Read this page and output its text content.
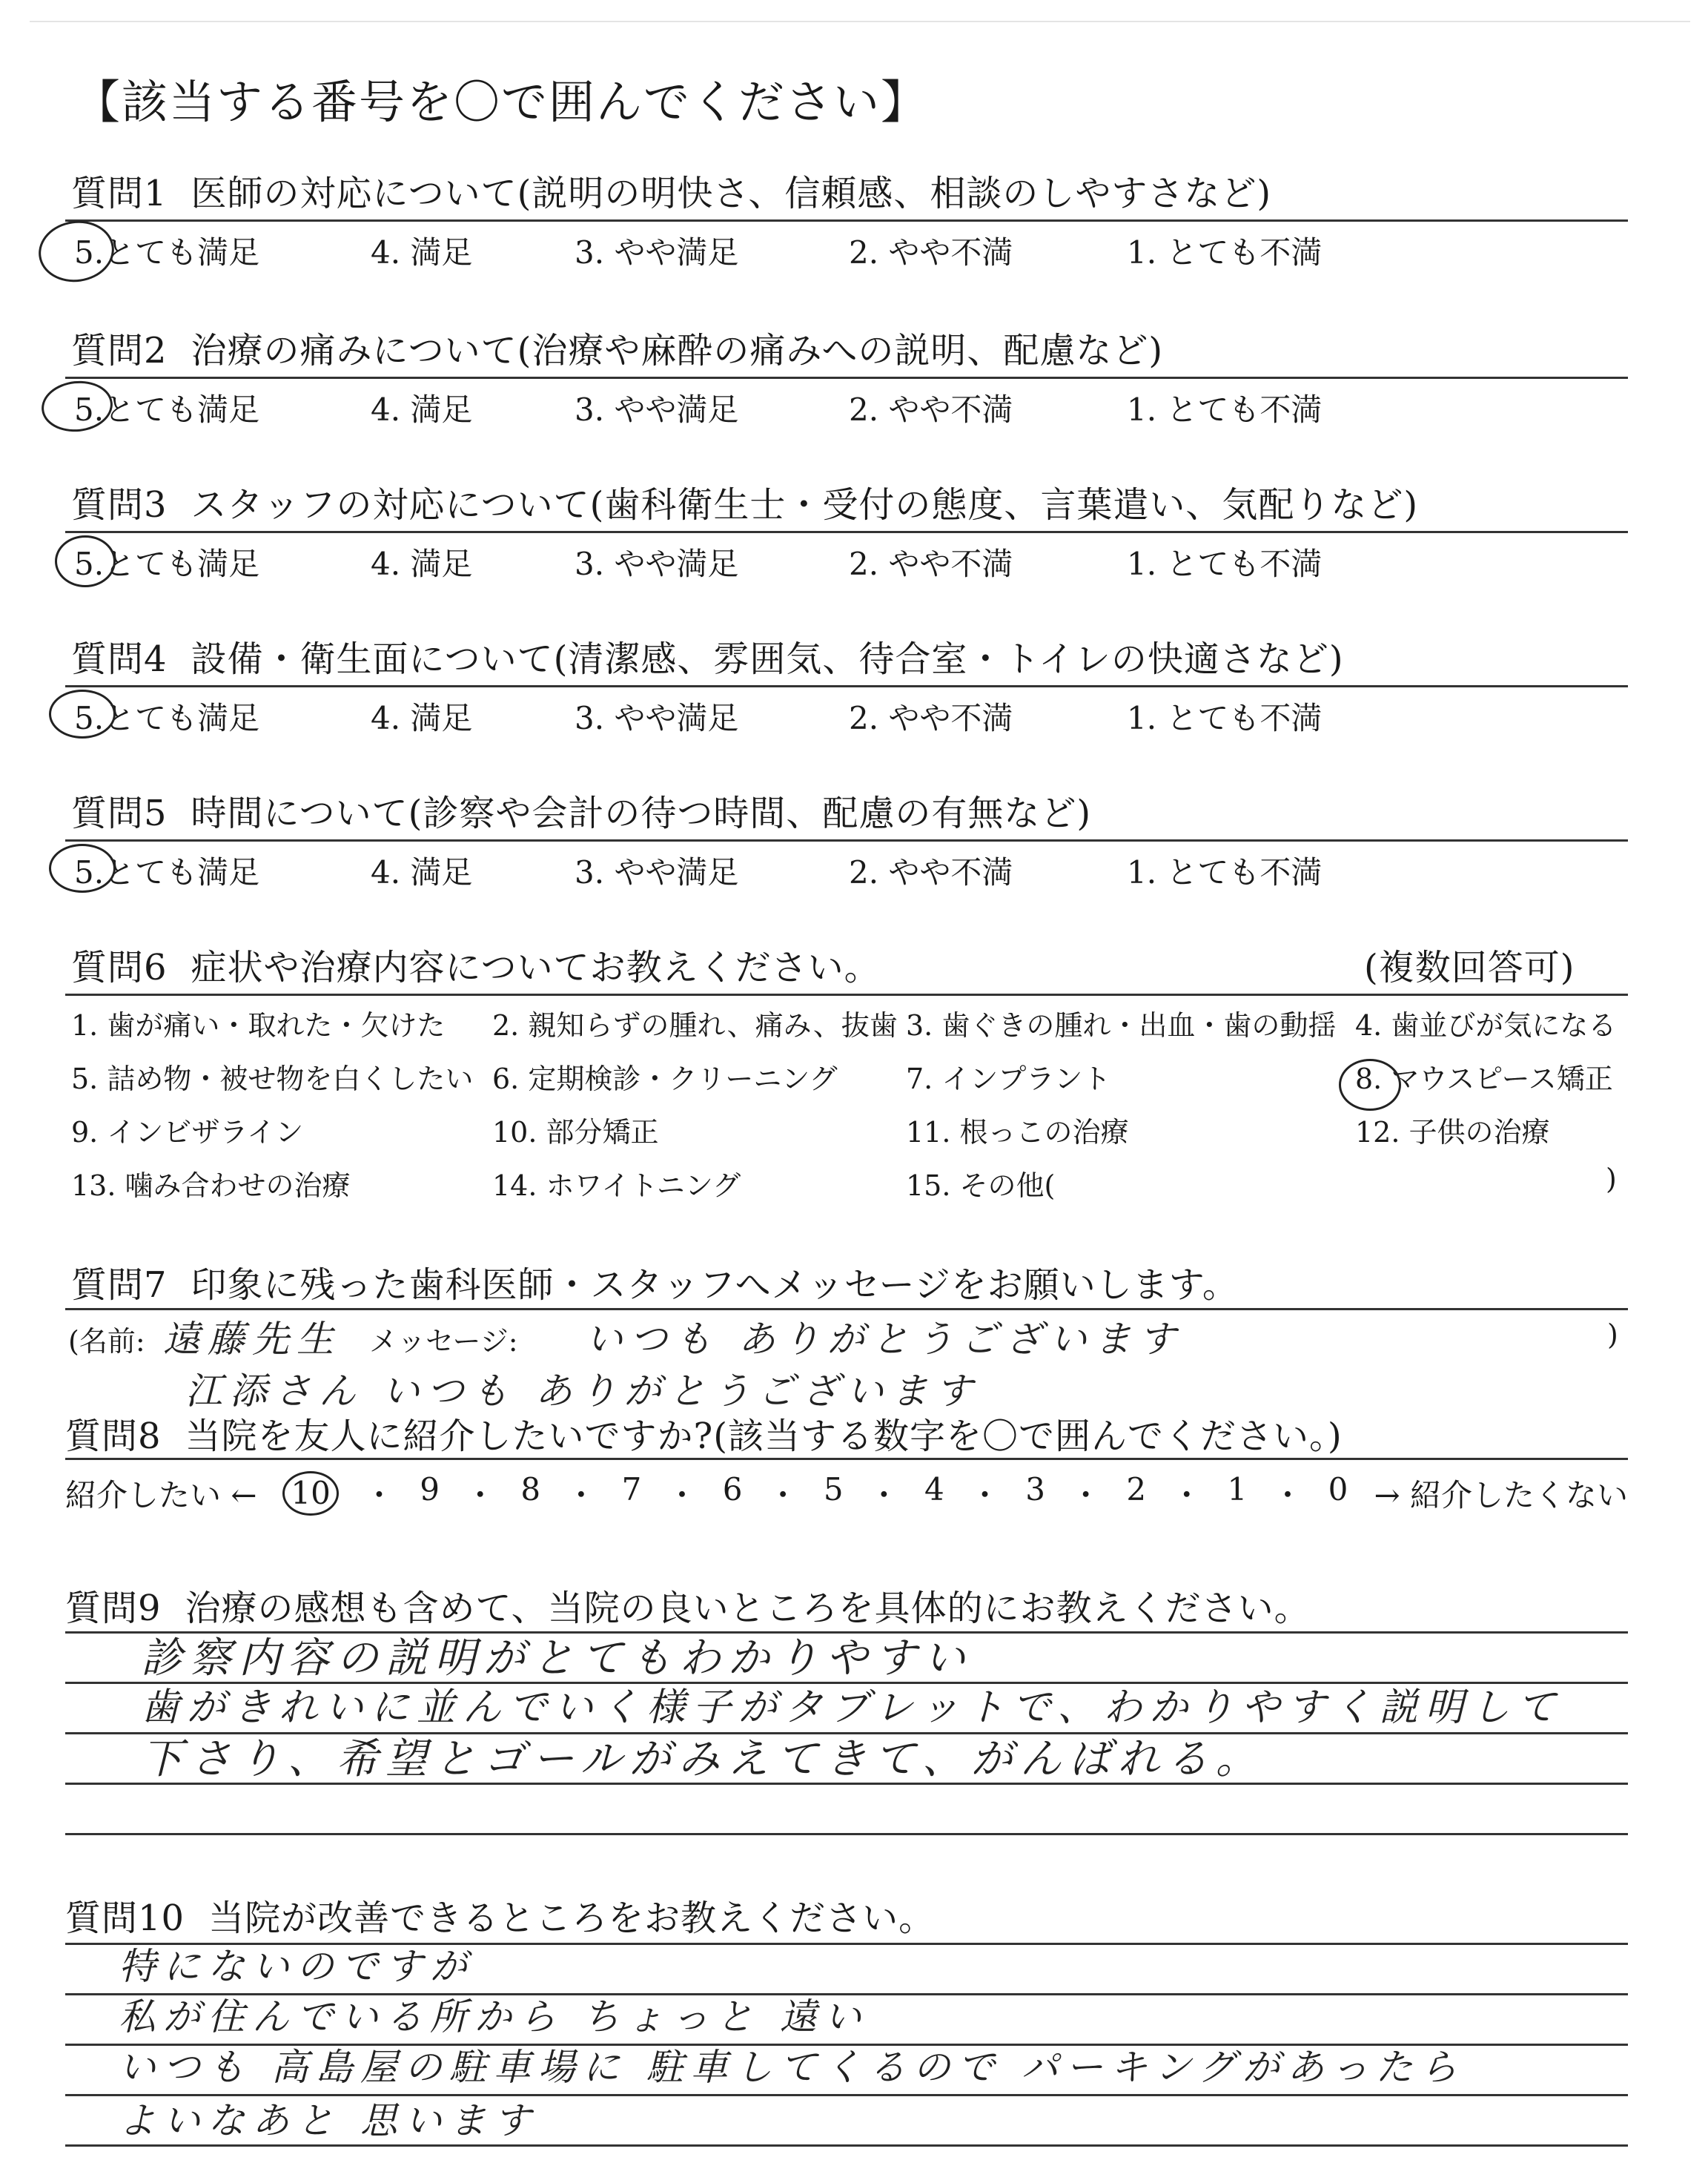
【該当する番号を〇で囲んでください】
質問1 医師の対応について(説明の明快さ、信頼感、相談のしやすさなど)
5.とても満足	4. 満足	3. やや満足	2. やや不満	1. とても不満
質問2 治療の痛みについて(治療や麻酔の痛みへの説明、配慮など)
5.とても満足	4. 満足	3. やや満足	2. やや不満	1. とても不満
質問3 スタッフの対応について(歯科衛生士・受付の態度、言葉遣い、気配りなど)
5.とても満足	4. 満足	3. やや満足	2. やや不満	1. とても不満
質問4 設備・衛生面について(清潔感、雰囲気、待合室・トイレの快適さなど)
5.とても満足	4. 満足	3. やや満足	2. やや不満	1. とても不満
質問5 時間について(診察や会計の待つ時間、配慮の有無など)
5.とても満足	4. 満足	3. やや満足	2. やや不満	1. とても不満
質問6 症状や治療内容についてお教えください。	(複数回答可)
1. 歯が痛い・取れた・欠けた 2. 親知らずの腫れ、痛み、抜歯 3. 歯ぐきの腫れ・出血・歯の動揺 4. 歯並びが気になる
5. 詰め物・被せ物を白くしたい 6. 定期検診・クリーニング 7. インプラント	8. マウスピース矯正
9. インビザライン	10. 部分矯正	11. 根っこの治療	12. 子供の治療
13. 噛み合わせの治療	14. ホワイトニング	15. その他(	)
質問7 印象に残った歯科医師・スタッフへメッセージをお願いします。
(名前: 遠藤先生 メッセージ: いつも ありがとうございます	)
江添さん いつも ありがとうございます
質問8 当院を友人に紹介したいですか?(該当する数字を〇で囲んでください。)
紹介したい ← 10 ・ 9 ・ 8 ・ 7 ・ 6 ・ 5 ・ 4 ・ 3 ・ 2 ・ 1 ・ 0 → 紹介したくない
質問9 治療の感想も含めて、当院の良いところを具体的にお教えください。
診察内容の説明がとてもわかりやすい
歯がきれいに並んでいく様子がタブレットで、わかりやすく説明して
下さり、希望とゴールがみえてきて、がんばれる。
質問10 当院が改善できるところをお教えください。
特にないのですが
私が住んでいる所から ちょっと 遠い
いつも 高島屋の駐車場に 駐車してくるので パーキングがあったら
よいなあと 思います
